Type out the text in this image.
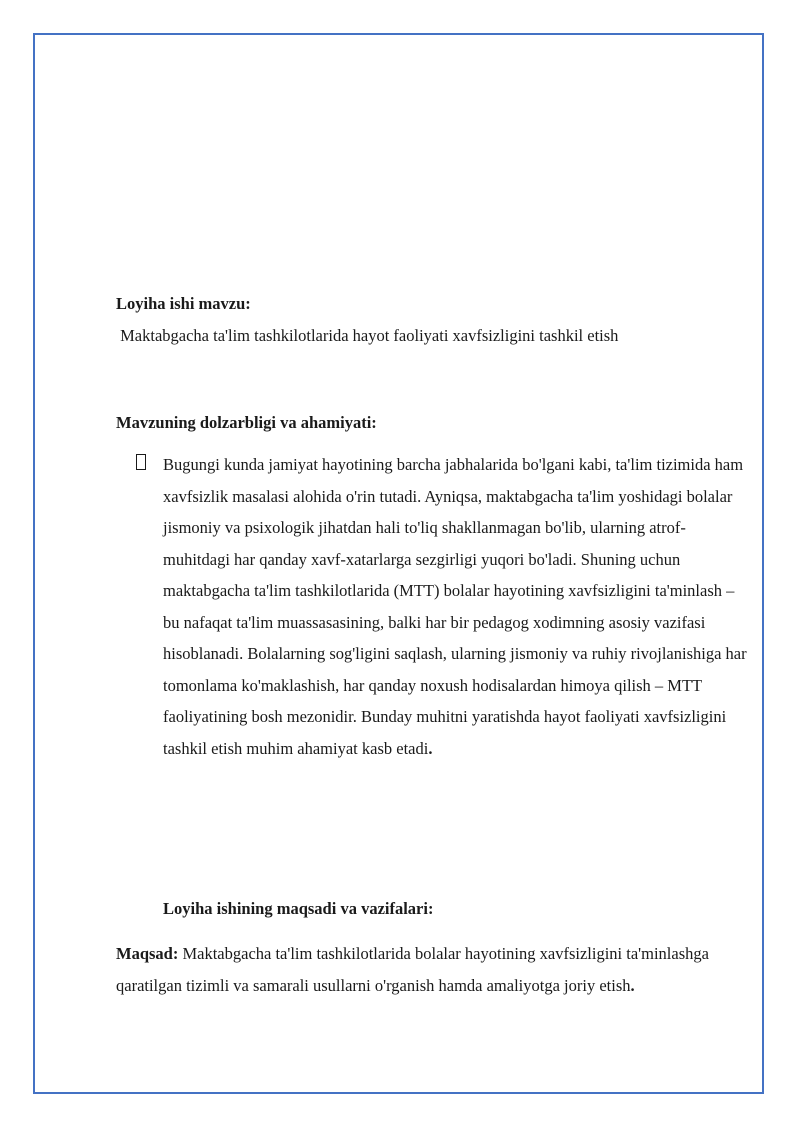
Loyiha ishi mavzu:
Maktabgacha ta'lim tashkilotlarida hayot faoliyati xavfsizligini tashkil etish
Mavzuning dolzarbligi va ahamiyati:
Bugungi kunda jamiyat hayotining barcha jabhalarida bo'lgani kabi, ta'lim tizimida ham xavfsizlik masalasi alohida o'rin tutadi. Ayniqsa, maktabgacha ta'lim yoshidagi bolalar jismoniy va psixologik jihatdan hali to'liq shakllanmagan bo'lib, ularning atrof-muhitdagi har qanday xavf-xatarlarga sezgirligi yuqori bo'ladi. Shuning uchun maktabgacha ta'lim tashkilotlarida (MTT) bolalar hayotining xavfsizligini ta'minlash – bu nafaqat ta'lim muassasasining, balki har bir pedagog xodimning asosiy vazifasi hisoblanadi. Bolalarning sog'ligini saqlash, ularning jismoniy va ruhiy rivojlanishiga har tomonlama ko'maklashish, har qanday noxush hodisalardan himoya qilish – MTT faoliyatining bosh mezonidir. Bunday muhitni yaratishda hayot faoliyati xavfsizligini tashkil etish muhim ahamiyat kasb etadi.
Loyiha ishining maqsadi va vazifalari:
Maqsad: Maktabgacha ta'lim tashkilotlarida bolalar hayotining xavfsizligini ta'minlashga qaratilgan tizimli va samarali usullarni o'rganish hamda amaliyotga joriy etish.
